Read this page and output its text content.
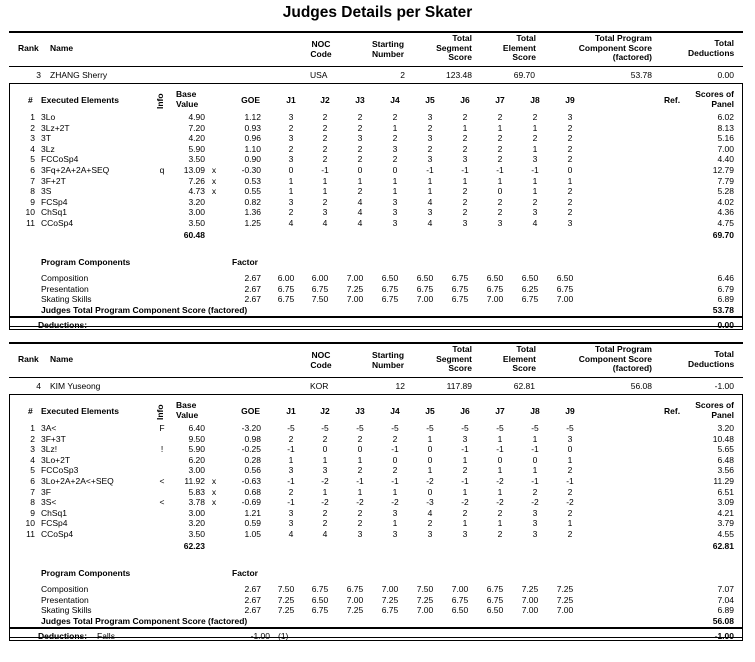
Judges Details per Skater
Rank Name	NOC Code
Starting Number
Total Segment Score
Total Element Score
Total Program Component Score (factored)
Total Deductions
3 ZHANG Sherry	USA	2	123.48	69.70	53.78	0.00
# Executed Elements	Info Base Value	GOE	J1	J2	J3	J4	J5	J6	J7	J8	J9	Ref.
Scores of Panel
1 3Lo	4.90	1.12	3	2	2	2	3	2	2	2	3	6.02
2 3Lz+2T	7.20	0.93	2	2	2	1	2	1	1	1	2	8.13
3 3T	4.20	0.96	3	2	3	2	3	2	2	2	2	5.16
4 3Lz	5.90	1.10	2	2	2	3	2	2	2	1	2	7.00
5 FCCoSp4	3.50	0.90	3	2	2	2	3	3	2	3	2	4.40
6 3Fq+2A+2A+SEQ	q	13.09 x	-0.30	0	-1	0	0	-1	-1	-1	-1	0	12.79
7 3F+2T	7.26 x	0.53	1	1	1	1	1	1	1	1	1	7.79
8 3S	4.73 x	0.55	1	1	2	1	1	2	0	1	2	5.28
9 FCSp4	3.20	0.82	3	2	4	3	4	2	2	2	2	4.02
10 ChSq1	3.00	1.36	2	3	4	3	3	2	2	3	2	4.36
11 CCoSp4	3.50	1.25	4	4	4	3	4	3	3	4	3	4.75
60.48	69.70
Program Components	Factor
Composition	2.67	6.00	6.00	7.00	6.50	6.50	6.75	6.50	6.50	6.50	6.46
Presentation	2.67	6.75	6.75	7.25	6.75	6.75	6.75	6.75	6.25	6.75	6.79
Skating Skills	2.67	6.75	7.50	7.00	6.75	7.00	6.75	7.00	6.75	7.00	6.89
Judges Total Program Component Score (factored)	53.78
Deductions:	0.00
Rank Name	NOC Code
Starting Number
Total Segment Score
Total Element Score
Total Program Component Score (factored)
Total Deductions
4 KIM Yuseong	KOR	12	117.89	62.81	56.08	-1.00
# Executed Elements	Info Base Value	GOE	J1	J2	J3	J4	J5	J6	J7	J8	J9	Ref.
Scores of Panel
1 3A<	F	6.40	-3.20	-5	-5	-5	-5	-5	-5	-5	-5	-5	3.20
2 3F+3T	9.50	0.98	2	2	2	2	1	3	1	1	3	10.48
3 3Lz!	!	5.90	-0.25	-1	0	0	-1	0	-1	-1	-1	0	5.65
4 3Lo+2T	6.20	0.28	1	1	1	0	0	1	0	0	1	6.48
5 FCCoSp3	3.00	0.56	3	3	2	2	1	2	1	1	2	3.56
6 3Lo+2A+2A<+SEQ	<	11.92 x	-0.63	-1	-2	-1	-1	-2	-1	-2	-1	-1	11.29
7 3F	5.83 x	0.68	2	1	1	1	0	1	1	2	2	6.51
8 3S<	<	3.78 x	-0.69	-1	-2	-2	-2	-3	-2	-2	-2	-2	3.09
9 ChSq1	3.00	1.21	3	2	2	3	4	2	2	3	2	4.21
10 FCSp4	3.20	0.59	3	2	2	1	2	1	1	3	1	3.79
11 CCoSp4	3.50	1.05	4	4	3	3	3	3	2	3	2	4.55
62.23	62.81
Program Components	Factor
Composition	2.67	7.50	6.75	6.75	7.00	7.50	7.00	6.75	7.25	7.25	7.07
Presentation	2.67	7.25	6.50	7.00	7.25	7.25	6.75	6.75	7.00	7.25	7.04
Skating Skills	2.67	7.25	6.75	7.25	6.75	7.00	6.50	6.50	7.00	7.00	6.89
Judges Total Program Component Score (factored)	56.08
Deductions: Falls	-1.00 (1)	-1.00
